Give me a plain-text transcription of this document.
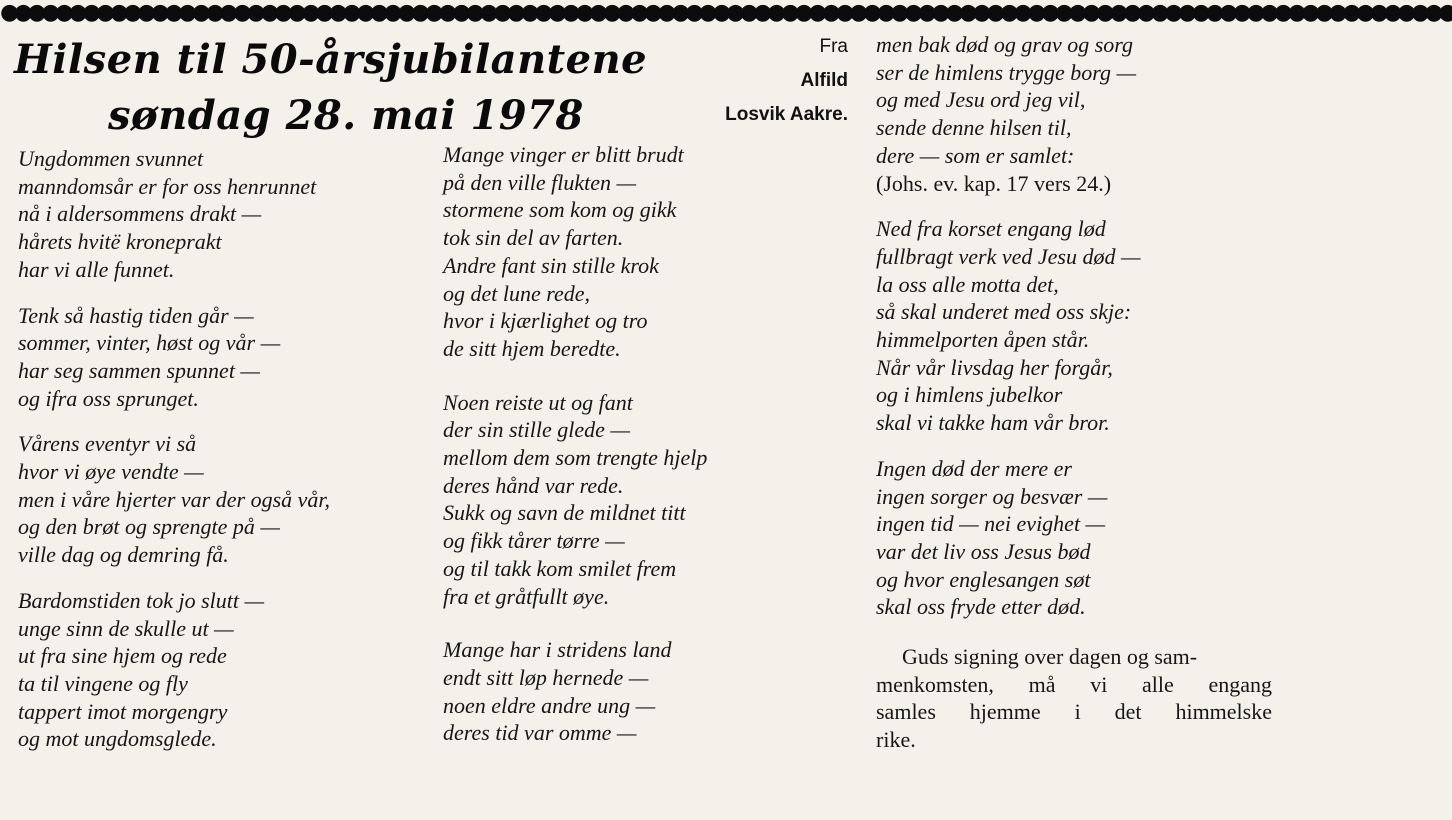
●●●●●●●●●●●●●●●●●●●●●●●●●●●●●●●●●●●●●●●●●●●●●●●●●●●●●●●●●●●●●●●●●●●●●●●●●●●●●●●●●●●●●●●●●●●●●●●●●●●●●●●●●●
Hilsen til 50-årsjubilantene
søndag 28. mai 1978
Fra
Alfild
Losvik Aakre.
Ungdommen svunnet
manndomsår er for oss henrunnet
nå i aldersommens drakt —
hårets hvitë kroneprakt
har vi alle funnet.
Tenk så hastig tiden går —
sommer, vinter, høst og vår —
har seg sammen spunnet —
og ifra oss sprunget.
Vårens eventyr vi så
hvor vi øye vendte —
men i våre hjerter var der også vår,
og den brøt og sprengte på —
ville dag og demring få.
Bardomstiden tok jo slutt —
unge sinn de skulle ut —
ut fra sine hjem og rede
ta til vingene og fly
tappert imot morgengry
og mot ungdomsglede.
Mange vinger er blitt brudt
på den ville flukten —
stormene som kom og gikk
tok sin del av farten.
Andre fant sin stille krok
og det lune rede,
hvor i kjærlighet og tro
de sitt hjem beredte.
Noen reiste ut og fant
der sin stille glede —
mellom dem som trengte hjelp
deres hånd var rede.
Sukk og savn de mildnet titt
og fikk tårer tørre —
og til takk kom smilet frem
fra et gråtfullt øye.
Mange har i stridens land
endt sitt løp hernede —
noen eldre andre ung —
deres tid var omme —
men bak død og grav og sorg
ser de himlens trygge borg —
og med Jesu ord jeg vil,
sende denne hilsen til,
dere — som er samlet:
(Johs. ev. kap. 17 vers 24.)
Ned fra korset engang lød
fullbragt verk ved Jesu død —
la oss alle motta det,
så skal underet med oss skje:
himmelporten åpen står.
Når vår livsdag her forgår,
og i himlens jubelkor
skal vi takke ham vår bror.
Ingen død der mere er
ingen sorger og besvær —
ingen tid — nei evighet —
var det liv oss Jesus bød
og hvor englesangen søt
skal oss fryde etter død.
Guds signing over dagen og sam-
menkomsten, må vi alle engang
samles hjemme i det himmelske
rike.
